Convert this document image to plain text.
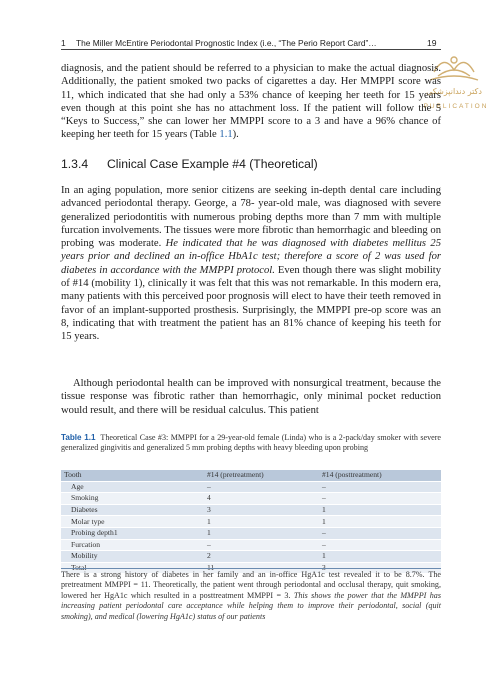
1 The Miller McEntire Periodontal Prognostic Index (i.e., “The Perio Report Card”…	19
دکتر دندانپزشکی
PUBLICATION
diagnosis, and the patient should be referred to a physician to make the actual diagnosis. Additionally, the patient smoked two packs of cigarettes a day. Her MMPPI score was 11, which indicated that she had only a 53% chance of keeping her teeth for 15 years even though at this point she has no attachment loss. If the patient will follow the 5 “Keys to Success,” she can lower her MMPPI score to a 3 and have a 96% chance of keeping her teeth for 15 years (Table 1.1).
1.3.4 Clinical Case Example #4 (Theoretical)
In an aging population, more senior citizens are seeking in-depth dental care including advanced periodontal therapy. George, a 78- year-old male, was diagnosed with severe generalized periodontitis with numerous probing depths more than 7 mm with multiple furcation involvements. The tissues were more fibrotic than hemorrhagic and bleeding on probing was moderate. He indicated that he was diagnosed with diabetes mellitus 25 years prior and declined an in-office HbA1c test; therefore a score of 2 was used for diabetes in accordance with the MMPPI protocol. Even though there was slight mobility of #14 (mobility 1), clinically it was felt that this was not remarkable. In this modern era, many patients with this perceived poor prognosis will elect to have their teeth removed in favor of an implant-supported prosthesis. Surprisingly, the MMPPI pre-op score was an 8, indicating that with treatment the patient has an 81% chance of keeping his teeth for 15 years.
Although periodontal health can be improved with nonsurgical treatment, because the tissue response was fibrotic rather than hemorrhagic, only minimal pocket reduction would result, and there will be residual calculus. This patient
Table 1.1 Theoretical Case #3: MMPPI for a 29-year-old female (Linda) who is a 2-pack/day smoker with severe generalized gingivitis and generalized 5 mm probing depths with heavy bleeding upon probing
Tooth	#14 (pretreatment)	#14 (posttreatment)
Age	–	–
Smoking	4	–
Diabetes	3	1
Molar type	1	1
Probing depth1	1	–
Furcation	–	–
Mobility	2	1
Total	11	3
There is a strong history of diabetes in her family and an in-office HgA1c test revealed it to be 8.7%. The pretreatment MMPPI = 11. Theoretically, the patient went through periodontal and occlusal therapy, quit smoking, lowered her HgA1c which resulted in a posttreatment MMPPI = 3. This shows the power that the MMPPI has increasing patient periodontal care acceptance while helping them to improve their periodontal, social (quit smoking), and medical (lowering HgA1c) status of our patients
